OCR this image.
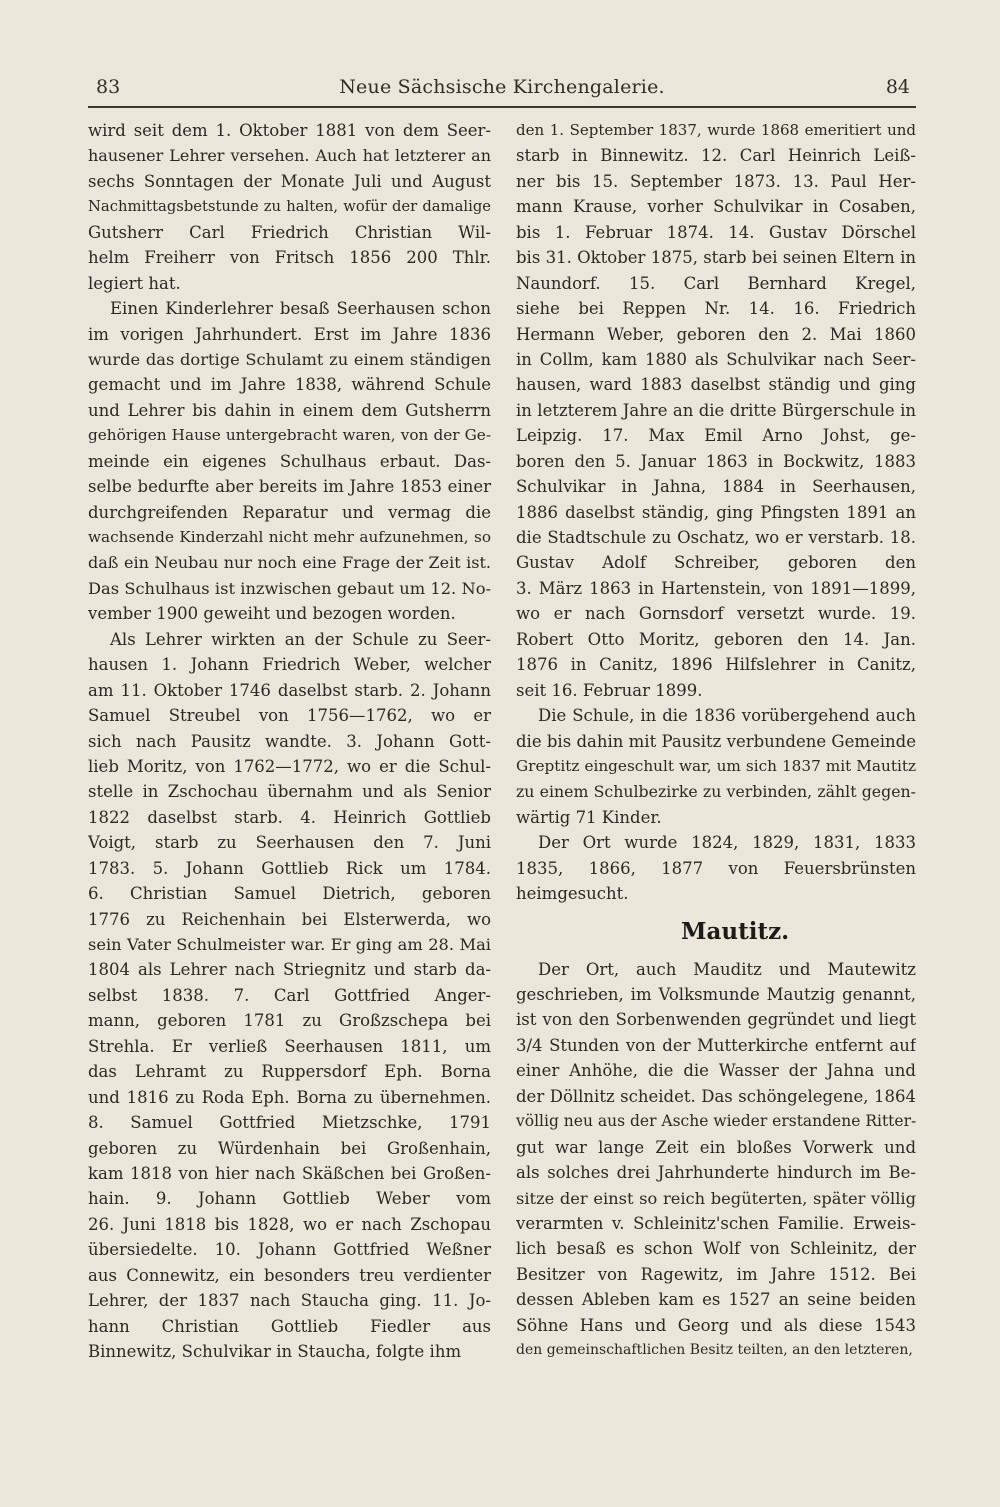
83	Neue Sächsische Kirchengalerie.	84
wird seit dem 1. Oktober 1881 von dem Seer-
hausener Lehrer versehen. Auch hat letzterer an
sechs Sonntagen der Monate Juli und August
Nachmittagsbetstunde zu halten, wofür der damalige
Gutsherr Carl Friedrich Christian Wil-
helm Freiherr von Fritsch 1856 200 Thlr.
legiert hat.
Einen Kinderlehrer besaß Seerhausen schon
im vorigen Jahrhundert. Erst im Jahre 1836
wurde das dortige Schulamt zu einem ständigen
gemacht und im Jahre 1838, während Schule
und Lehrer bis dahin in einem dem Gutsherrn
gehörigen Hause untergebracht waren, von der Ge-
meinde ein eigenes Schulhaus erbaut. Das-
selbe bedurfte aber bereits im Jahre 1853 einer
durchgreifenden Reparatur und vermag die
wachsende Kinderzahl nicht mehr aufzunehmen, so
daß ein Neubau nur noch eine Frage der Zeit ist.
Das Schulhaus ist inzwischen gebaut um 12. No-
vember 1900 geweiht und bezogen worden.
Als Lehrer wirkten an der Schule zu Seer-
hausen 1. Johann Friedrich Weber, welcher
am 11. Oktober 1746 daselbst starb. 2. Johann
Samuel Streubel von 1756—1762, wo er
sich nach Pausitz wandte. 3. Johann Gott-
lieb Moritz, von 1762—1772, wo er die Schul-
stelle in Zschochau übernahm und als Senior
1822 daselbst starb. 4. Heinrich Gottlieb
Voigt, starb zu Seerhausen den 7. Juni
1783. 5. Johann Gottlieb Rick um 1784.
6. Christian Samuel Dietrich, geboren
1776 zu Reichenhain bei Elsterwerda, wo
sein Vater Schulmeister war. Er ging am 28. Mai
1804 als Lehrer nach Striegnitz und starb da-
selbst 1838. 7. Carl Gottfried Anger-
mann, geboren 1781 zu Großzschepa bei
Strehla. Er verließ Seerhausen 1811, um
das Lehramt zu Ruppersdorf Eph. Borna
und 1816 zu Roda Eph. Borna zu übernehmen.
8. Samuel Gottfried Mietzschke, 1791
geboren zu Würdenhain bei Großenhain,
kam 1818 von hier nach Skäßchen bei Großen-
hain. 9. Johann Gottlieb Weber vom
26. Juni 1818 bis 1828, wo er nach Zschopau
übersiedelte. 10. Johann Gottfried Weßner
aus Connewitz, ein besonders treu verdienter
Lehrer, der 1837 nach Staucha ging. 11. Jo-
hann Christian Gottlieb Fiedler aus
Binnewitz, Schulvikar in Staucha, folgte ihm
den 1. September 1837, wurde 1868 emeritiert und
starb in Binnewitz. 12. Carl Heinrich Leiß-
ner bis 15. September 1873. 13. Paul Her-
mann Krause, vorher Schulvikar in Cosaben,
bis 1. Februar 1874. 14. Gustav Dörschel
bis 31. Oktober 1875, starb bei seinen Eltern in
Naundorf. 15. Carl Bernhard Kregel,
siehe bei Reppen Nr. 14. 16. Friedrich
Hermann Weber, geboren den 2. Mai 1860
in Collm, kam 1880 als Schulvikar nach Seer-
hausen, ward 1883 daselbst ständig und ging
in letzterem Jahre an die dritte Bürgerschule in
Leipzig. 17. Max Emil Arno Johst, ge-
boren den 5. Januar 1863 in Bockwitz, 1883
Schulvikar in Jahna, 1884 in Seerhausen,
1886 daselbst ständig, ging Pfingsten 1891 an
die Stadtschule zu Oschatz, wo er verstarb. 18.
Gustav Adolf Schreiber, geboren den
3. März 1863 in Hartenstein, von 1891—1899,
wo er nach Gornsdorf versetzt wurde. 19.
Robert Otto Moritz, geboren den 14. Jan.
1876 in Canitz, 1896 Hilfslehrer in Canitz,
seit 16. Februar 1899.
Die Schule, in die 1836 vorübergehend auch
die bis dahin mit Pausitz verbundene Gemeinde
Greptitz eingeschult war, um sich 1837 mit Mautitz
zu einem Schulbezirke zu verbinden, zählt gegen-
wärtig 71 Kinder.
Der Ort wurde 1824, 1829, 1831, 1833
1835, 1866, 1877 von Feuersbrünsten
heimgesucht.
Mautitz.
Der Ort, auch Mauditz und Mautewitz
geschrieben, im Volksmunde Mautzig genannt,
ist von den Sorbenwenden gegründet und liegt
3/4 Stunden von der Mutterkirche entfernt auf
einer Anhöhe, die die Wasser der Jahna und
der Döllnitz scheidet. Das schöngelegene, 1864
völlig neu aus der Asche wieder erstandene Ritter-
gut war lange Zeit ein bloßes Vorwerk und
als solches drei Jahrhunderte hindurch im Be-
sitze der einst so reich begüterten, später völlig
verarmten v. Schleinitz'schen Familie. Erweis-
lich besaß es schon Wolf von Schleinitz, der
Besitzer von Ragewitz, im Jahre 1512. Bei
dessen Ableben kam es 1527 an seine beiden
Söhne Hans und Georg und als diese 1543
den gemeinschaftlichen Besitz teilten, an den letzteren,
